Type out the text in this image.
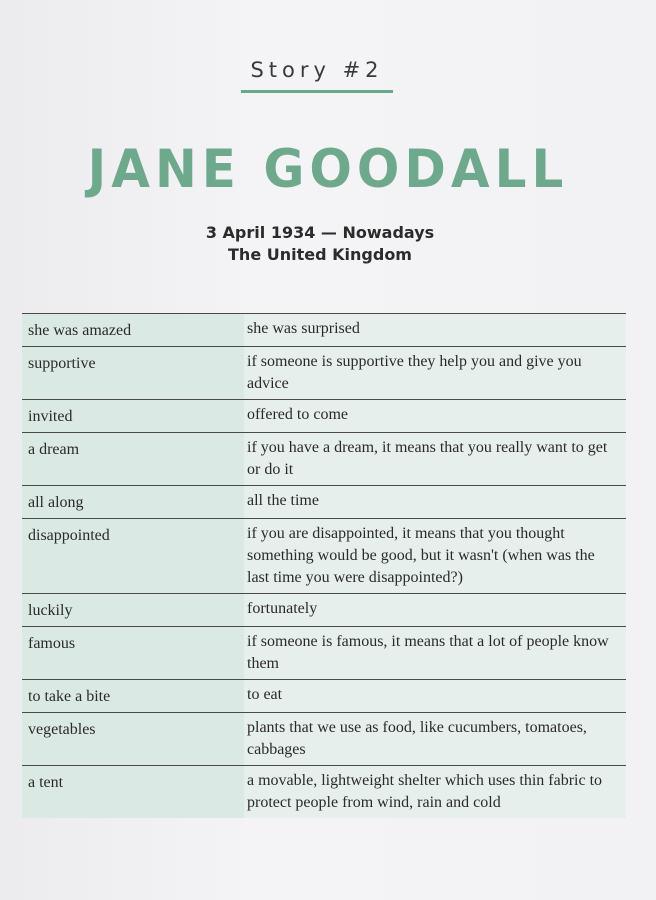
Story #2
JANE GOODALL
3 April 1934 — Nowadays
The United Kingdom
she was amazed	she was surprised
supportive	if someone is supportive they help you and give you advice
invited	offered to come
a dream	if you have a dream, it means that you really want to get or do it
all along	all the time
disappointed	if you are disappointed, it means that you thought something would be good, but it wasn't (when was the last time you were disappointed?)
luckily	fortunately
famous	if someone is famous, it means that a lot of people know them
to take a bite	to eat
vegetables	plants that we use as food, like cucumbers, tomatoes, cabbages
a tent	a movable, lightweight shelter which uses thin fabric to protect people from wind, rain and cold
